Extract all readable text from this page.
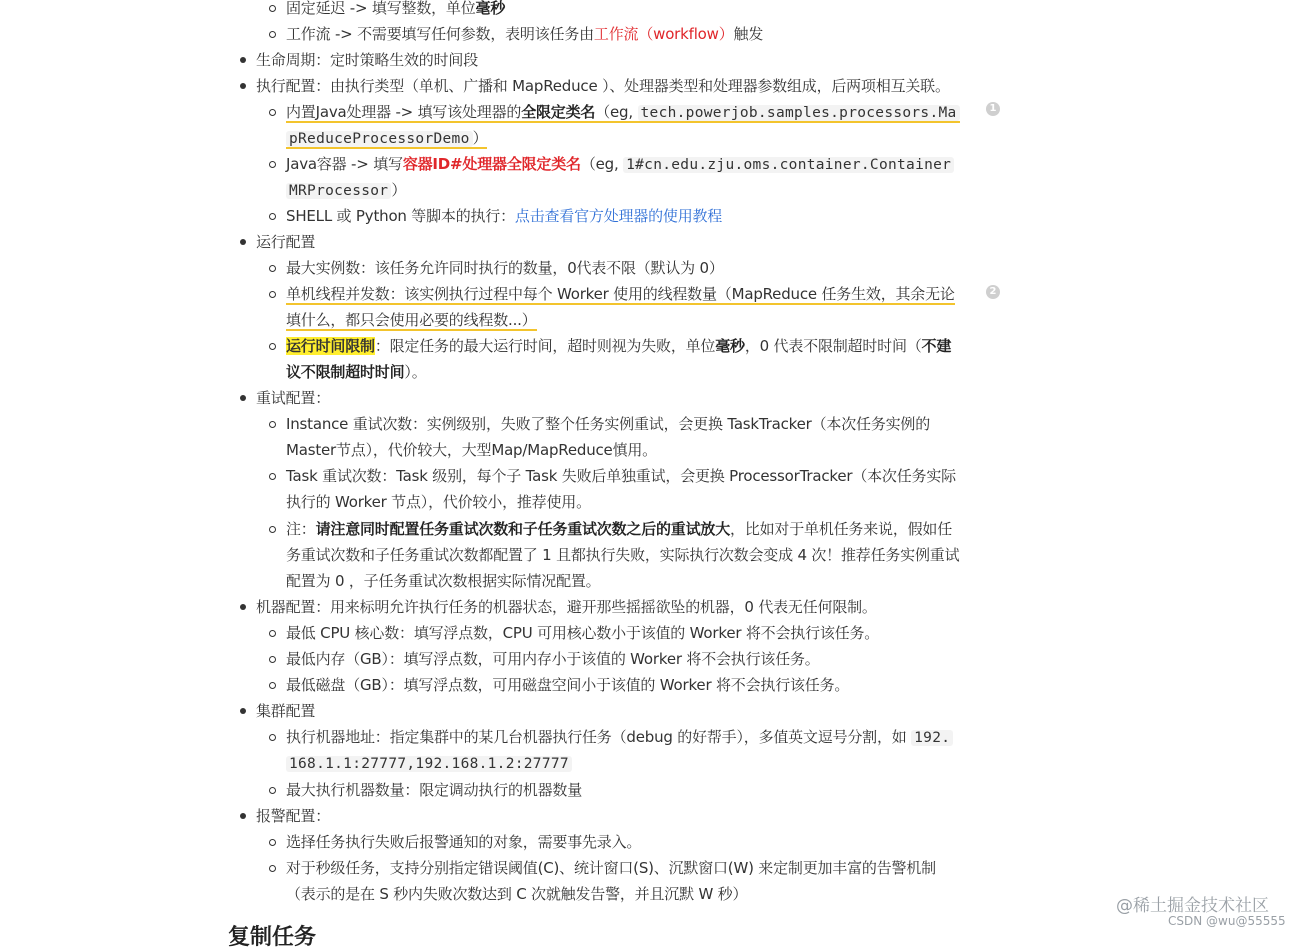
固定延迟 -> 填写整数，单位毫秒
工作流 -> 不需要填写任何参数，表明该任务由工作流（workflow）触发
生命周期：定时策略生效的时间段
执行配置：由执行类型（单机、广播和 MapReduce ）、处理器类型和处理器参数组成，后两项相互关联。
内置Java处理器 -> 填写该处理器的全限定类名（eg, tech.powerjob.samples.processors.Ma
pReduceProcessorDemo ）
1
Java容器 -> 填写容器ID#处理器全限定类名（eg, 1#cn.edu.zju.oms.container.Container
MRProcessor ）
SHELL 或 Python 等脚本的执行：点击查看官方处理器的使用教程
运行配置
最大实例数：该任务允许同时执行的数量，0代表不限（默认为 0）
单机线程并发数：该实例执行过程中每个 Worker 使用的线程数量（MapReduce 任务生效，其余无论
填什么，都只会使用必要的线程数...）
2
运行时间限制：限定任务的最大运行时间，超时则视为失败，单位毫秒，0 代表不限制超时时间（不建
议不限制超时时间）。
重试配置：
Instance 重试次数：实例级别，失败了整个任务实例重试，会更换 TaskTracker（本次任务实例的
Master节点），代价较大，大型Map/MapReduce慎用。
Task 重试次数：Task 级别，每个子 Task 失败后单独重试，会更换 ProcessorTracker（本次任务实际
执行的 Worker 节点），代价较小，推荐使用。
注：请注意同时配置任务重试次数和子任务重试次数之后的重试放大，比如对于单机任务来说，假如任
务重试次数和子任务重试次数都配置了 1 且都执行失败，实际执行次数会变成 4 次！推荐任务实例重试
配置为 0 ，子任务重试次数根据实际情况配置。
机器配置：用来标明允许执行任务的机器状态，避开那些摇摇欲坠的机器，0 代表无任何限制。
最低 CPU 核心数：填写浮点数，CPU 可用核心数小于该值的 Worker 将不会执行该任务。
最低内存（GB）：填写浮点数，可用内存小于该值的 Worker 将不会执行该任务。
最低磁盘（GB）：填写浮点数，可用磁盘空间小于该值的 Worker 将不会执行该任务。
集群配置
执行机器地址：指定集群中的某几台机器执行任务（debug 的好帮手），多值英文逗号分割，如 192.
168.1.1:27777,192.168.1.2:27777
最大执行机器数量：限定调动执行的机器数量
报警配置：
选择任务执行失败后报警通知的对象，需要事先录入。
对于秒级任务，支持分别指定错误阈值(C)、统计窗口(S)、沉默窗口(W) 来定制更加丰富的告警机制
（表示的是在 S 秒内失败次数达到 C 次就触发告警，并且沉默 W 秒）
复制任务
@稀土掘金技术社区
CSDN @wu@55555
